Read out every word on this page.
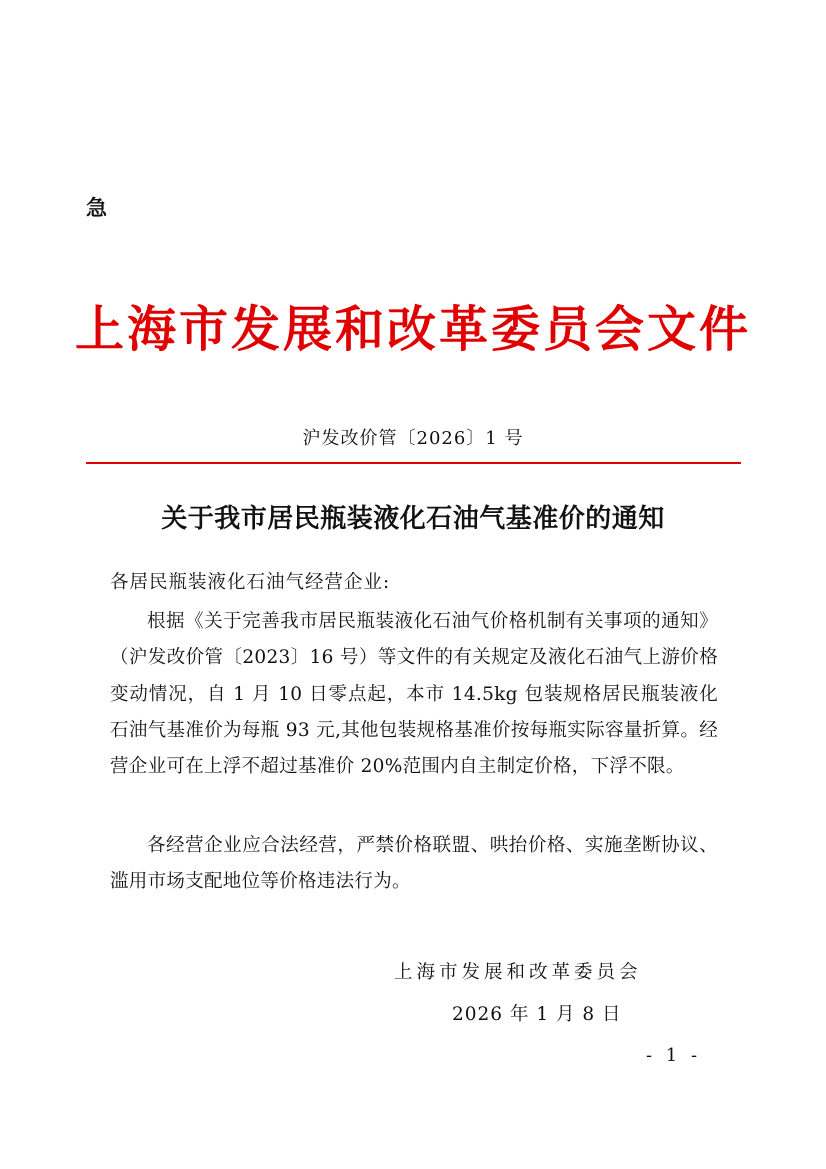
急
上海市发展和改革委员会文件
沪发改价管〔2026〕1 号
关于我市居民瓶装液化石油气基准价的通知
各居民瓶装液化石油气经营企业:

根据《关于完善我市居民瓶装液化石油气价格机制有关事项的通知》（沪发改价管〔2023〕16 号）等文件的有关规定及液化石油气上游价格变动情况，自 1 月 10 日零点起，本市 14.5kg 包装规格居民瓶装液化石油气基准价为每瓶 93 元,其他包装规格基准价按每瓶实际容量折算。经营企业可在上浮不超过基准价 20%范围内自主制定价格，下浮不限。

各经营企业应合法经营，严禁价格联盟、哄抬价格、实施垄断协议、滥用市场支配地位等价格违法行为。

上海市发展和改革委员会
2026 年 1 月 8 日
- 1 -
